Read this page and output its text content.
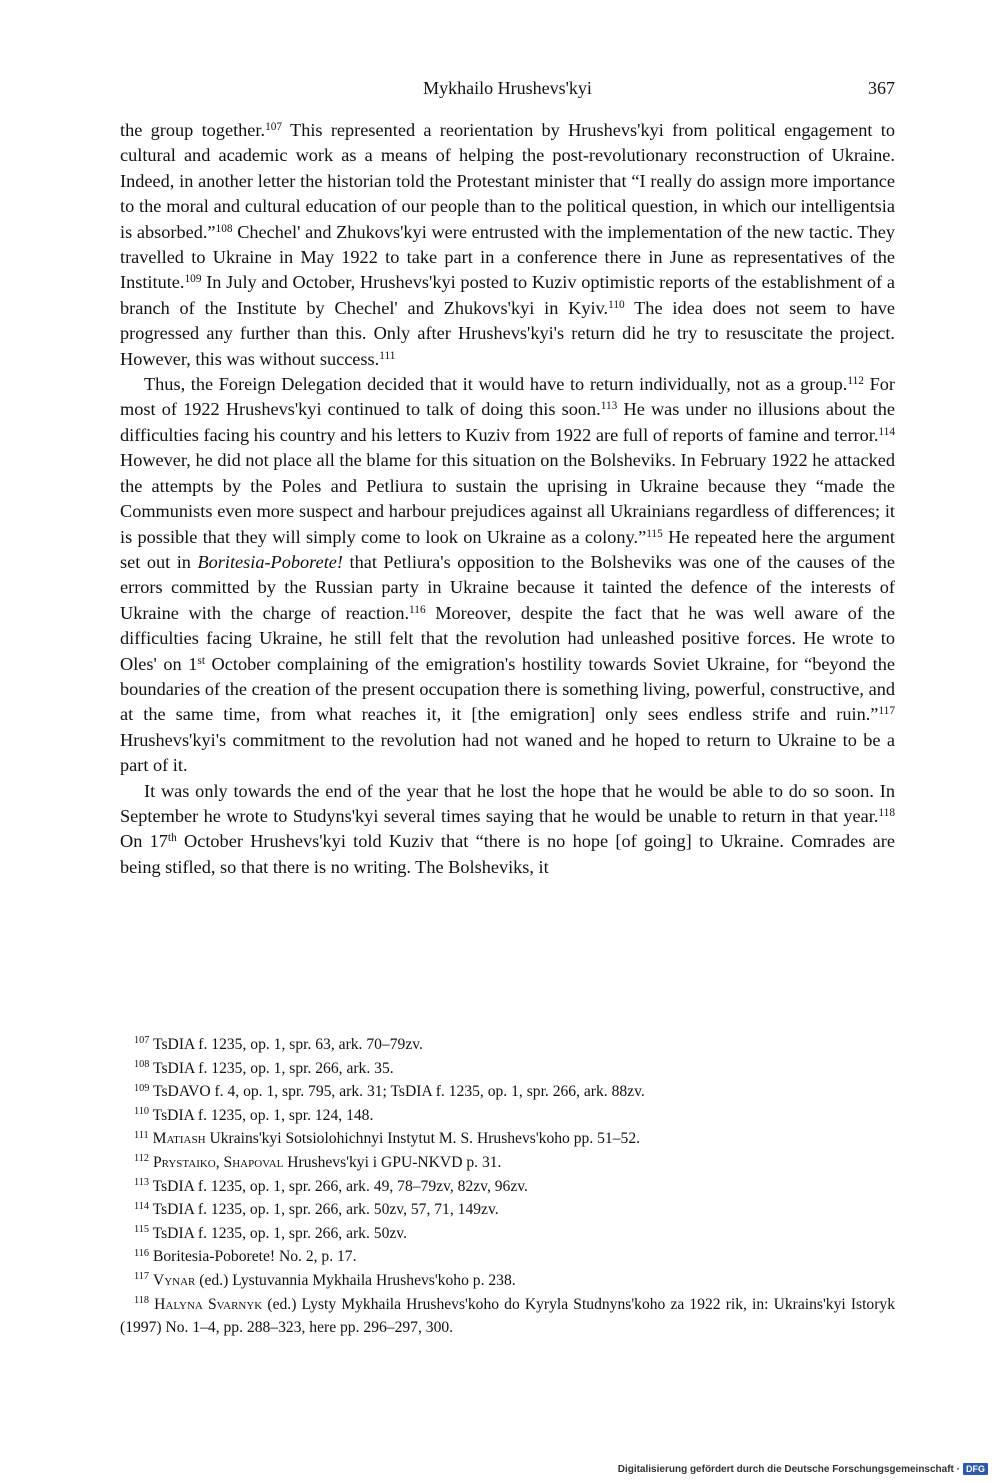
Mykhailo Hrushevs'kyi	367

the group together.$^{107}$ This represented a reorientation by Hrushevs'kyi from political engagement to cultural and academic work as a means of helping the post-revolutionary reconstruction of Ukraine. Indeed, in another letter the historian told the Protestant minister that “I really do assign more importance to the moral and cultural education of our people than to the political question, in which our intelligentsia is absorbed.”$^{108}$ Chechel' and Zhukovs'kyi were entrusted with the implementation of the new tactic. They travelled to Ukraine in May 1922 to take part in a conference there in June as representatives of the Institute.$^{109}$ In July and October, Hrushevs'kyi posted to Kuziv optimistic reports of the establishment of a branch of the Institute by Chechel' and Zhukovs'kyi in Kyiv.$^{110}$ The idea does not seem to have progressed any further than this. Only after Hrushevs'kyi's return did he try to resuscitate the project. However, this was without success.$^{111}$

Thus, the Foreign Delegation decided that it would have to return individually, not as a group.$^{112}$ For most of 1922 Hrushevs'kyi continued to talk of doing this soon.$^{113}$ He was under no illusions about the difficulties facing his country and his letters to Kuziv from 1922 are full of reports of famine and terror.$^{114}$ However, he did not place all the blame for this situation on the Bolsheviks. In February 1922 he attacked the attempts by the Poles and Petliura to sustain the uprising in Ukraine because they “made the Communists even more suspect and harbour prejudices against all Ukrainians regardless of differences; it is possible that they will simply come to look on Ukraine as a colony.”$^{115}$ He repeated here the argument set out in Boritesia-Poborete! that Petliura's opposition to the Bolsheviks was one of the causes of the errors committed by the Russian party in Ukraine because it tainted the defence of the interests of Ukraine with the charge of reaction.$^{116}$ Moreover, despite the fact that he was well aware of the difficulties facing Ukraine, he still felt that the revolution had unleashed positive forces. He wrote to Oles' on 1st October complaining of the emigration's hostility towards Soviet Ukraine, for “beyond the boundaries of the creation of the present occupation there is something living, powerful, constructive, and at the same time, from what reaches it, it [the emigration] only sees endless strife and ruin.”$^{117}$ Hrushevs'kyi's commitment to the revolution had not waned and he hoped to return to Ukraine to be a part of it.

It was only towards the end of the year that he lost the hope that he would be able to do so soon. In September he wrote to Studyns'kyi several times saying that he would be unable to return in that year.$^{118}$ On 17th October Hrushevs'kyi told Kuziv that “there is no hope [of going] to Ukraine. Comrades are being stifled, so that there is no writing. The Bolsheviks, it

$^{107}$ TsDIA f. 1235, op. 1, spr. 63, ark. 70–79zv.
$^{108}$ TsDIA f. 1235, op. 1, spr. 266, ark. 35.
$^{109}$ TsDAVO f. 4, op. 1, spr. 795, ark. 31; TsDIA f. 1235, op. 1, spr. 266, ark. 88zv.
$^{110}$ TsDIA f. 1235, op. 1, spr. 124, 148.
$^{111}$ Matiash Ukrains'kyi Sotsiolohichnyi Instytut M. S. Hrushevs'koho pp. 51–52.
$^{112}$ Prystaiko, Shapoval Hrushevs'kyi i GPU-NKVD p. 31.
$^{113}$ TsDIA f. 1235, op. 1, spr. 266, ark. 49, 78–79zv, 82zv, 96zv.
$^{114}$ TsDIA f. 1235, op. 1, spr. 266, ark. 50zv, 57, 71, 149zv.
$^{115}$ TsDIA f. 1235, op. 1, spr. 266, ark. 50zv.
$^{116}$ Boritesia-Poborete! No. 2, p. 17.
$^{117}$ Vynar (ed.) Lystuvannia Mykhaila Hrushevs'koho p. 238.
$^{118}$ Halyna Svarnyk (ed.) Lysty Mykhaila Hrushevs'koho do Kyryla Studnyns'koho za 1922 rik, in: Ukrains'kyi Istoryk (1997) No. 1–4, pp. 288–323, here pp. 296–297, 300.
Digitalisierung gefördert durch die Deutsche Forschungsgemeinschaft · DFG
